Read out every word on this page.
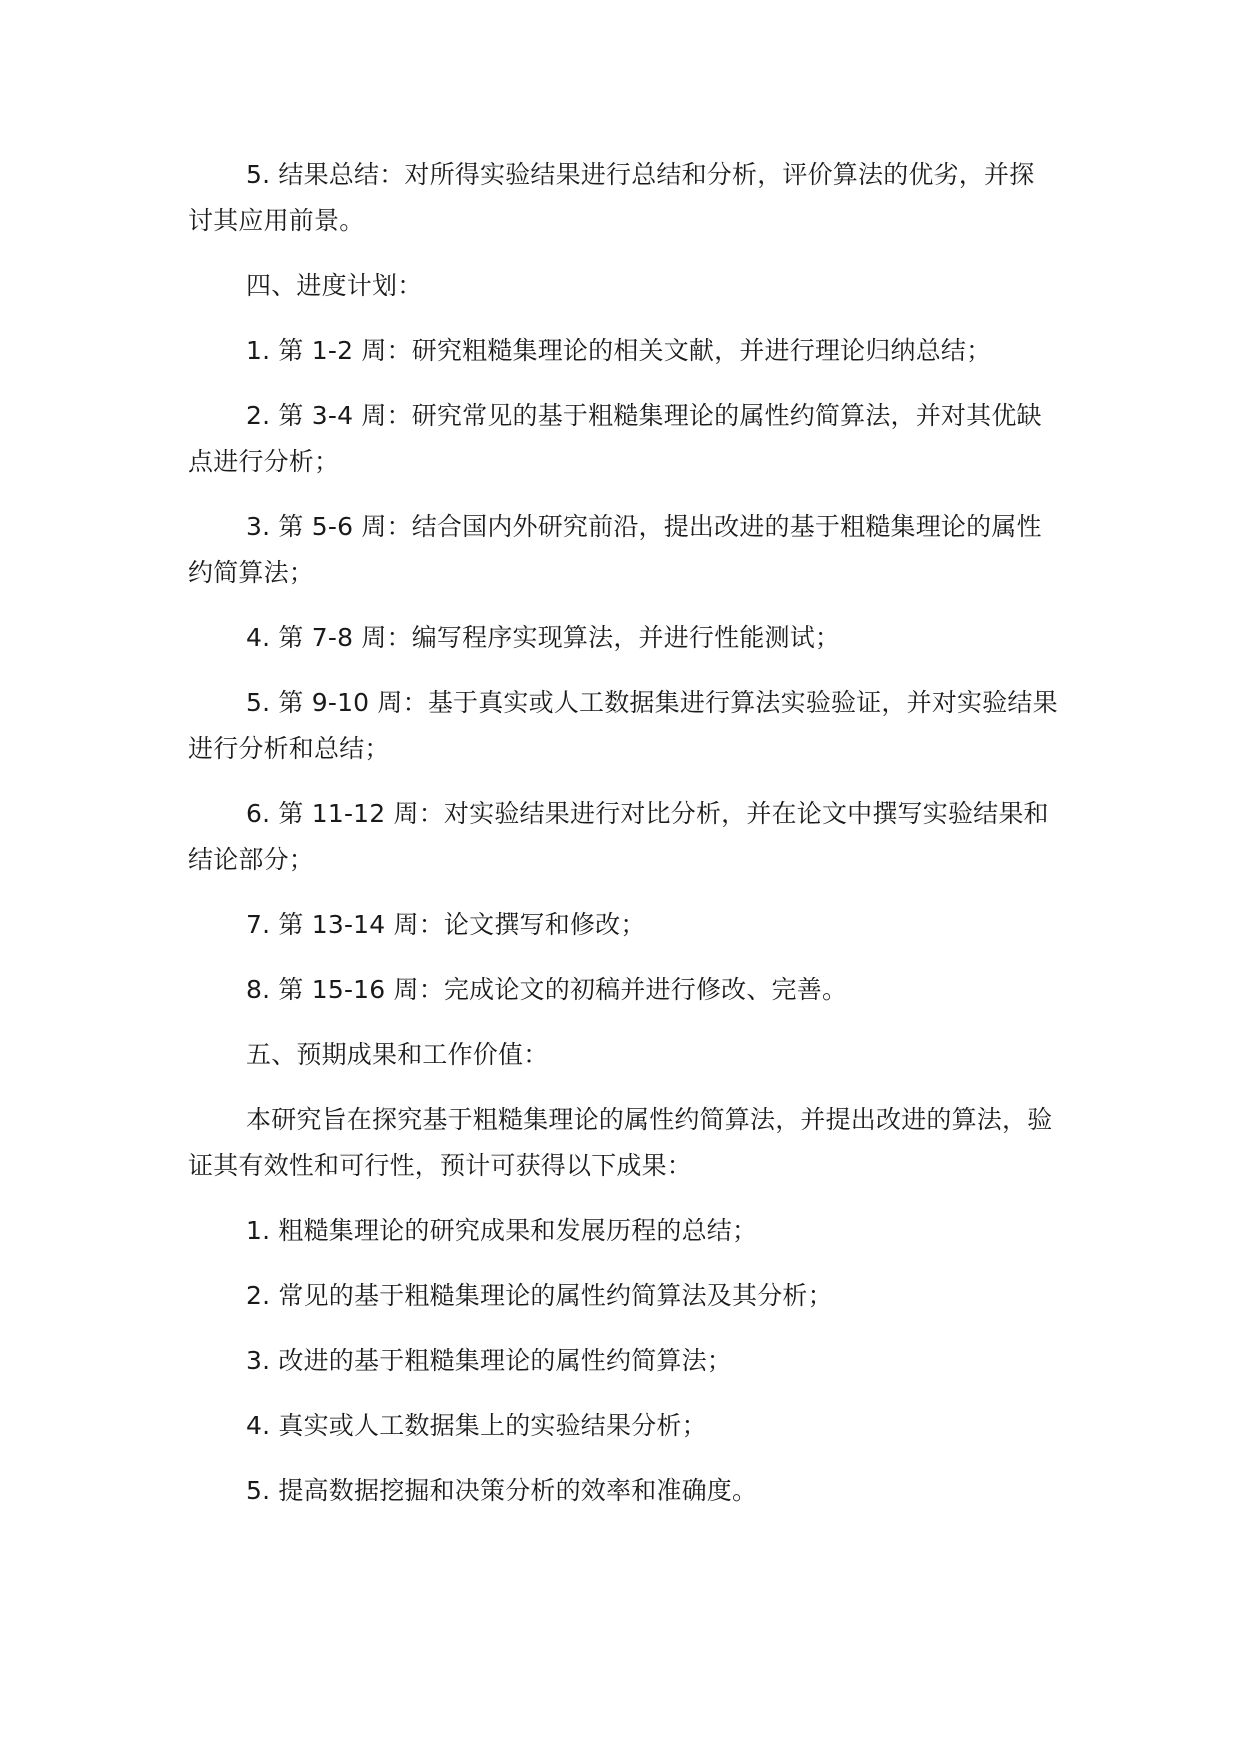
5. 结果总结：对所得实验结果进行总结和分析，评价算法的优劣，并探讨其应用前景。

四、进度计划：

1. 第 1-2 周：研究粗糙集理论的相关文献，并进行理论归纳总结；

2. 第 3-4 周：研究常见的基于粗糙集理论的属性约简算法，并对其优缺点进行分析；

3. 第 5-6 周：结合国内外研究前沿，提出改进的基于粗糙集理论的属性约简算法；

4. 第 7-8 周：编写程序实现算法，并进行性能测试；

5. 第 9-10 周：基于真实或人工数据集进行算法实验验证，并对实验结果进行分析和总结；

6. 第 11-12 周：对实验结果进行对比分析，并在论文中撰写实验结果和结论部分；

7. 第 13-14 周：论文撰写和修改；

8. 第 15-16 周：完成论文的初稿并进行修改、完善。

五、预期成果和工作价值：

本研究旨在探究基于粗糙集理论的属性约简算法，并提出改进的算法，验证其有效性和可行性，预计可获得以下成果：

1. 粗糙集理论的研究成果和发展历程的总结；

2. 常见的基于粗糙集理论的属性约简算法及其分析；

3. 改进的基于粗糙集理论的属性约简算法；

4. 真实或人工数据集上的实验结果分析；

5. 提高数据挖掘和决策分析的效率和准确度。
